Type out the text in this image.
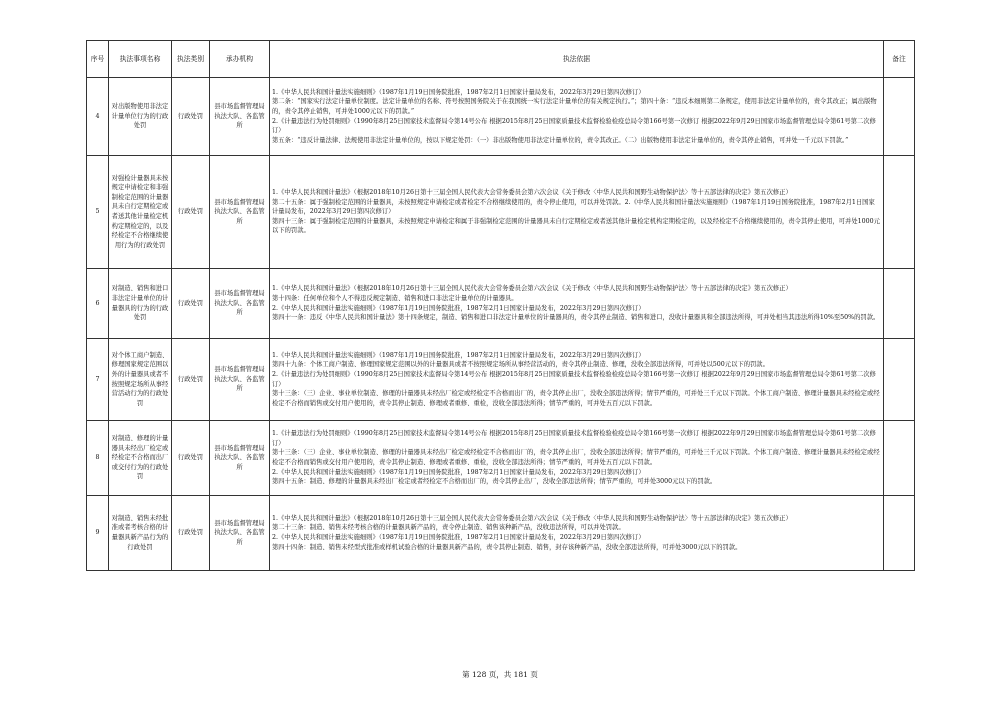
序号	执法事项名称	执法类别	承办机构	执法依据	备注
4	对出版物使用非法定计量单位行为的行政处罚	行政处罚	县市场监督管理局执法大队、各监管所	1.《中华人民共和国计量法实施细则》（1987年1月19日国务院批准，1987年2月1日国家计量局发布，2022年3月29日第四次修订）
第二条：“国家实行法定计量单位制度。法定计量单位的名称、符号按照国务院关于在我国统一实行法定计量单位的有关规定执行。”；第四十条：“违反本细则第二条规定，使用非法定计量单位的，责令其改正；属出版物的，责令其停止销售，可并处1000元以下的罚款。”
2.《计量违法行为处罚细则》（1990年8月25日国家技术监督局令第14号公布 根据2015年8月25日国家质量技术监督检验检疫总局令第166号第一次修订 根据2022年9月29日国家市场监督管理总局令第61号第二次修订）
第五条：“违反计量法律、法规使用非法定计量单位的，按以下规定处罚：（一）非出版物使用非法定计量单位的，责令其改正。（二）出版物使用非法定计量单位的，责令其停止销售，可并处一千元以下罚款。”	
5	对强检计量器具未按规定申请检定和非强制检定范围的计量器具未自行定期检定或者送其他计量检定机构定期检定的，以及经检定不合格继续使用行为的行政处罚	行政处罚	县市场监督管理局执法大队、各监管所	1.《中华人民共和国计量法》（根据2018年10月26日第十三届全国人民代表大会常务委员会第六次会议《关于修改〈中华人民共和国野生动物保护法〉等十五部法律的决定》第五次修正）
第二十五条：属于强制检定范围的计量器具，未按照规定申请检定或者检定不合格继续使用的，责令停止使用，可以并处罚款。2.《中华人民共和国计量法实施细则》（1987年1月19日国务院批准，1987年2月1日国家计量局发布，2022年3月29日第四次修订）
第四十三条：属于强制检定范围的计量器具，未按照规定申请检定和属于非强制检定范围的计量器具未自行定期检定或者送其他计量检定机构定期检定的，以及经检定不合格继续使用的，责令其停止使用，可并处1000元以下的罚款。	
6	对制造、销售和进口非法定计量单位的计量器具的行为的行政处罚	行政处罚	县市场监督管理局执法大队、各监管所	1.《中华人民共和国计量法》（根据2018年10月26日第十三届全国人民代表大会常务委员会第六次会议《关于修改〈中华人民共和国野生动物保护法〉等十五部法律的决定》第五次修正）
第十四条：任何单位和个人不得违反规定制造、销售和进口非法定计量单位的计量器具。
2.《中华人民共和国计量法实施细则》（1987年1月19日国务院批准，1987年2月1日国家计量局发布，2022年3月29日第四次修订）
第四十一条：违反《中华人民共和国计量法》第十四条规定，制造、销售和进口非法定计量单位的计量器具的，责令其停止制造、销售和进口，没收计量器具和全部违法所得，可并处相当其违法所得10%至50%的罚款。	
7	对个体工商户制造、修理国家规定范围以外的计量器具或者不按照规定场所从事经营活动行为的行政处罚	行政处罚	县市场监督管理局执法大队、各监管所	1.《中华人民共和国计量法实施细则》（1987年1月19日国务院批准，1987年2月1日国家计量局发布，2022年3月29日第四次修订）
第四十九条：个体工商户制造、修理国家规定范围以外的计量器具或者不按照规定场所从事经营活动的，责令其停止制造、修理，没收全部违法所得，可并处以500元以下的罚款。
2.《计量违法行为处罚细则》（1990年8月25日国家技术监督局令第14号公布 根据2015年8月25日国家质量技术监督检验检疫总局令第166号第一次修订 根据2022年9月29日国家市场监督管理总局令第61号第二次修订）
第十三条：（三）企业、事业单位制造、修理的计量器具未经出厂检定或经检定不合格而出厂的，责令其停止出厂，没收全部违法所得；情节严重的，可并处三千元以下罚款。个体工商户制造、修理计量器具未经检定或经检定不合格而销售或交付用户使用的，责令其停止制造、修理或者重修、重检，没收全部违法所得；情节严重的，可并处五百元以下罚款。	
8	对制造、修理的计量器具未经出厂检定或经检定不合格而出厂或交付行为的行政处罚	行政处罚	县市场监督管理局执法大队、各监管所	1.《计量违法行为处罚细则》（1990年8月25日国家技术监督局令第14号公布 根据2015年8月25日国家质量技术监督检验检疫总局令第166号第一次修订 根据2022年9月29日国家市场监督管理总局令第61号第二次修订）
第十三条：（三）企业、事业单位制造、修理的计量器具未经出厂检定或经检定不合格而出厂的，责令其停止出厂，没收全部违法所得；情节严重的，可并处三千元以下罚款。个体工商户制造、修理计量器具未经检定或经检定不合格而销售或交付用户使用的，责令其停止制造、修理或者重修、重检，没收全部违法所得；情节严重的，可并处五百元以下罚款。
2.《中华人民共和国计量法实施细则》（1987年1月19日国务院批准，1987年2月1日国家计量局发布，2022年3月29日第四次修订）
第四十五条：制造、修理的计量器具未经出厂检定或者经检定不合格而出厂的，责令其停止出厂，没收全部违法所得；情节严重的，可并处3000元以下的罚款。	
9	对制造、销售未经批准或者考核合格的计量器具新产品行为的行政处罚	行政处罚	县市场监督管理局执法大队、各监管所	1.《中华人民共和国计量法》（根据2018年10月26日第十三届全国人民代表大会常务委员会第六次会议《关于修改〈中华人民共和国野生动物保护法〉等十五部法律的决定》第五次修正）
第二十三条：制造、销售未经考核合格的计量器具新产品的，责令停止制造、销售该种新产品，没收违法所得，可以并处罚款。
2.《中华人民共和国计量法实施细则》（1987年1月19日国务院批准，1987年2月1日国家计量局发布，2022年3月29日第四次修订）
第四十四条：制造、销售未经型式批准或样机试验合格的计量器具新产品的，责令其停止制造、销售，封存该种新产品，没收全部违法所得，可并处3000元以下的罚款。	
第 128 页，共 181 页
